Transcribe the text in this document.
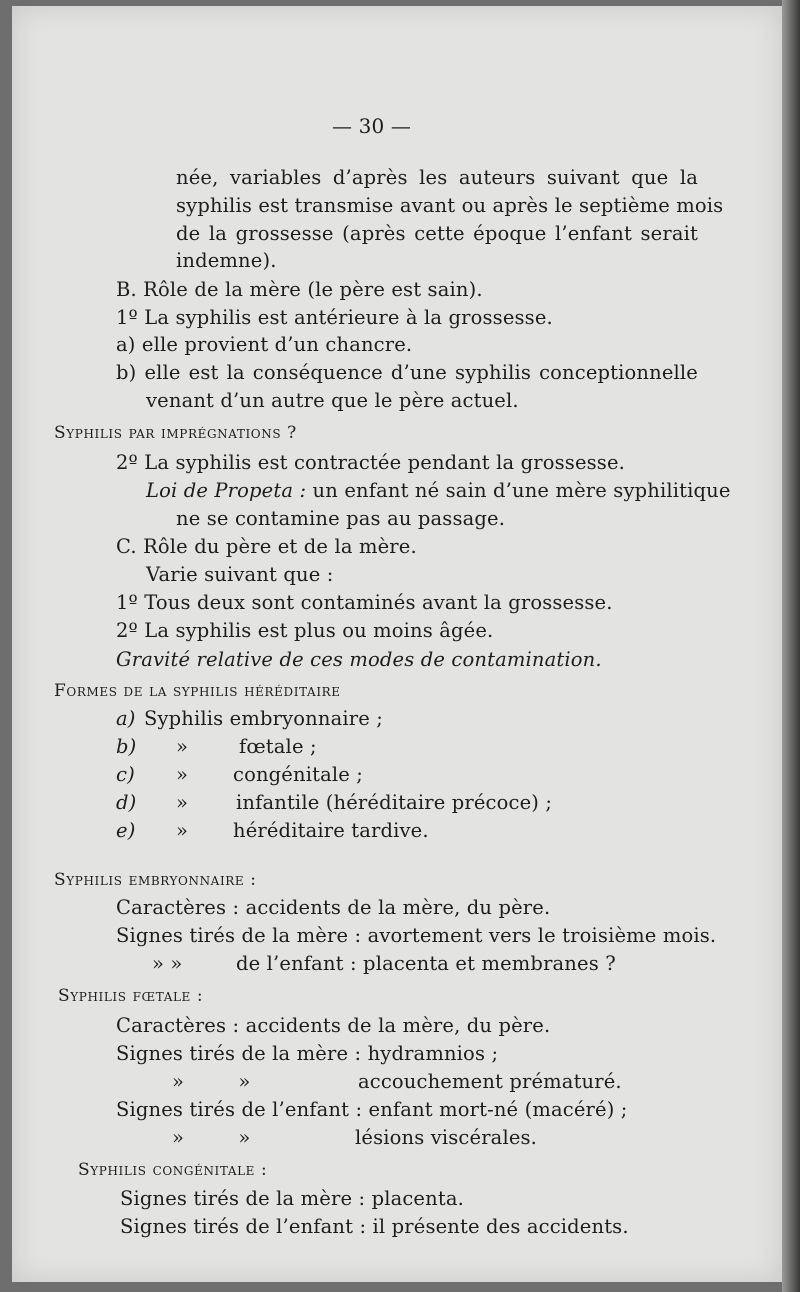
— 30 —
née, variables d’après les auteurs suivant que la
syphilis est transmise avant ou après le septième mois
de la grossesse (après cette époque l’enfant serait
indemne).
B. Rôle de la mère (le père est sain).
1º La syphilis est antérieure à la grossesse.
a) elle provient d’un chancre.
b) elle est la conséquence d’une syphilis conceptionnelle
venant d’un autre que le père actuel.
Syphilis par imprégnations ?
2º La syphilis est contractée pendant la grossesse.
Loi de Propeta : un enfant né sain d’une mère syphilitique
ne se contamine pas au passage.
C. Rôle du père et de la mère.
Varie suivant que :
1º Tous deux sont contaminés avant la grossesse.
2º La syphilis est plus ou moins âgée.
Gravité relative de ces modes de contamination.
Formes de la syphilis héréditaire
a) Syphilis embryonnaire ;
b) »	fœtale ;
c) » congénitale ;
d) » infantile (héréditaire précoce) ;
e) » héréditaire tardive.
Syphilis embryonnaire :
Caractères : accidents de la mère, du père.
Signes tirés de la mère : avortement vers le troisième mois.
» »	de l’enfant : placenta et membranes ?
Syphilis fœtale :
Caractères : accidents de la mère, du père.
Signes tirés de la mère : hydramnios ;
» »	accouchement prématuré.
Signes tirés de l’enfant : enfant mort-né (macéré) ;
» »	lésions viscérales.
Syphilis congénitale :
Signes tirés de la mère : placenta.
Signes tirés de l’enfant : il présente des accidents.
